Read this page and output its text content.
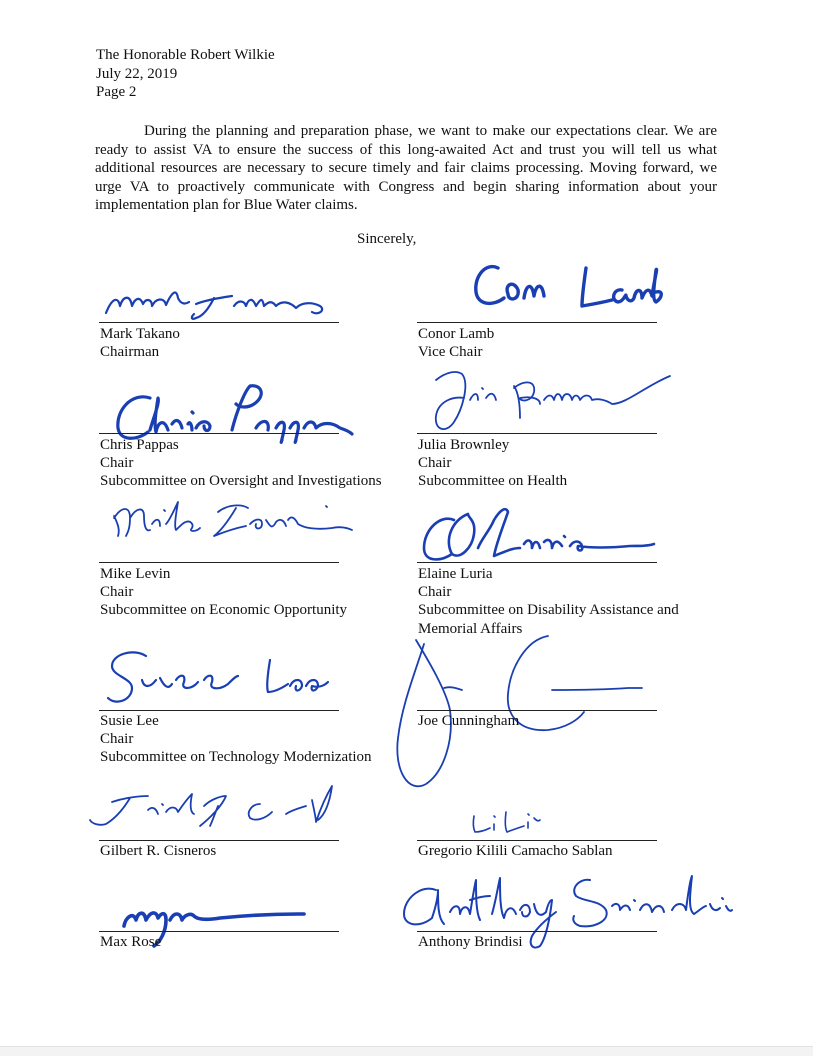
The Honorable Robert Wilkie
July 22, 2019
Page 2

During the planning and preparation phase, we want to make our expectations clear. We are ready to assist VA to ensure the success of this long-awaited Act and trust you will tell us what additional resources are necessary to secure timely and fair claims processing. Moving forward, we urge VA to proactively communicate with Congress and begin sharing information about your implementation plan for Blue Water claims.

Sincerely,
Mark Takano
Chairman
Conor Lamb
Vice Chair
Chris Pappas
Chair
Subcommittee on Oversight and Investigations
Julia Brownley
Chair
Subcommittee on Health
Mike Levin
Chair
Subcommittee on Economic Opportunity
Elaine Luria
Chair
Subcommittee on Disability Assistance and
Memorial Affairs
Susie Lee
Chair
Subcommittee on Technology Modernization
Joe Cunningham
Gilbert R. Cisneros	Gregorio Kilili Camacho Sablan
Max Rose	Anthony Brindisi
